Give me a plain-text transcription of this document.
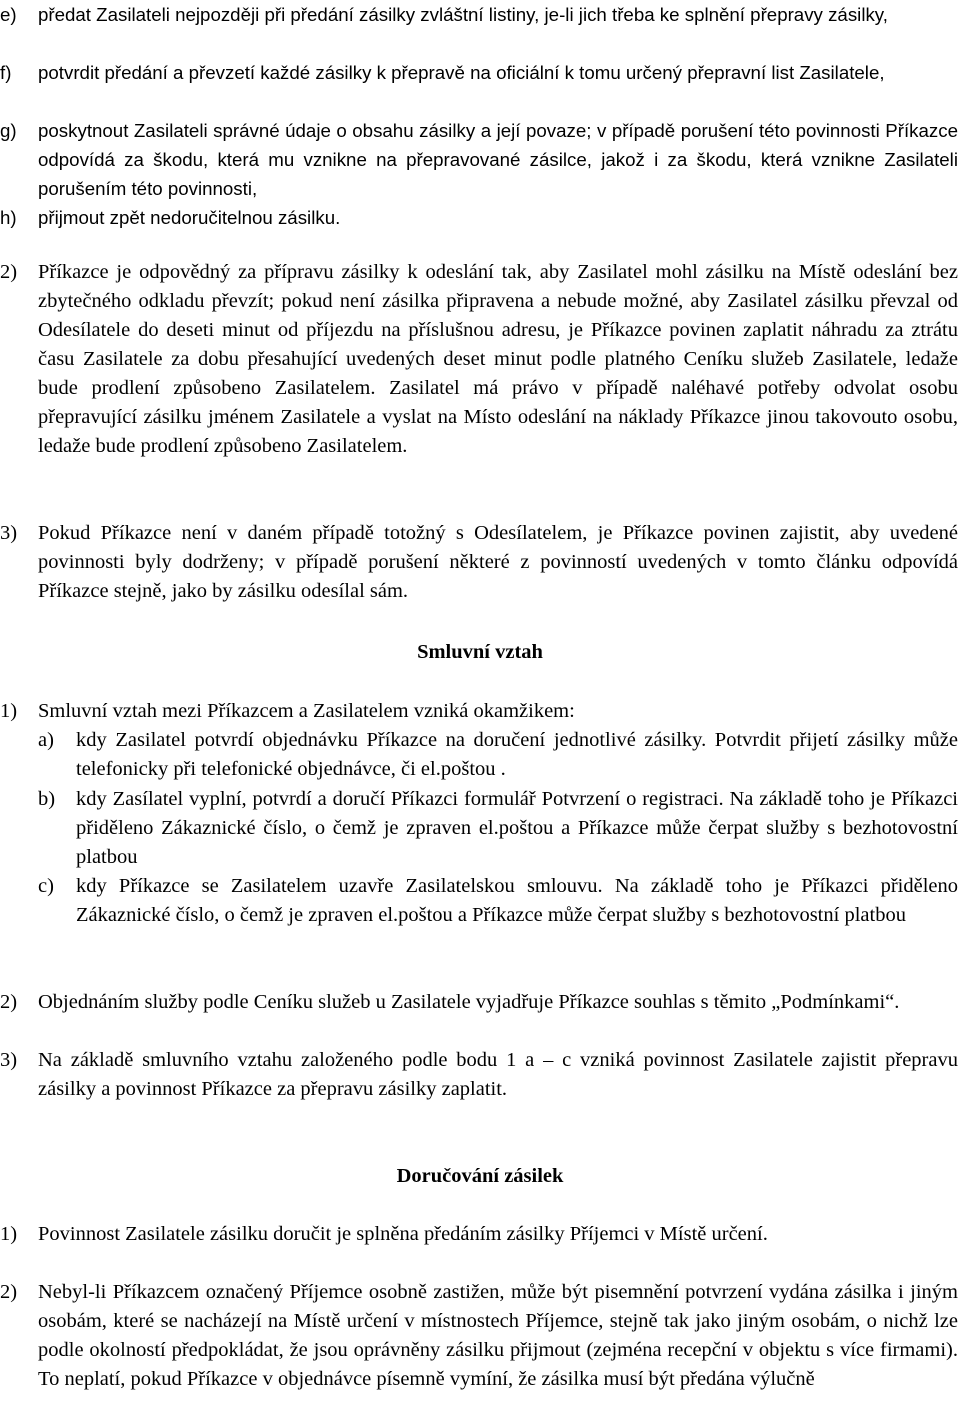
e) předat Zasilateli nejpozději při předání zásilky zvláštní listiny, je-li jich třeba ke splnění přepravy zásilky,
f) potvrdit předání a převzetí každé zásilky k přepravě na oficiální k tomu určený přepravní list Zasilatele,
g) poskytnout Zasilateli správné údaje o obsahu zásilky a její povaze; v případě porušení této povinnosti Příkazce odpovídá za škodu, která mu vznikne na přepravované zásilce, jakož i za škodu, která vznikne Zasilateli porušením této povinnosti,
h) přijmout zpět nedoručitelnou zásilku.
2) Příkazce je odpovědný za přípravu zásilky k odeslání tak, aby Zasilatel mohl zásilku na Místě odeslání bez zbytečného odkladu převzít; pokud není zásilka připravena a nebude možné, aby Zasilatel zásilku převzal od Odesílatele do deseti minut od příjezdu na příslušnou adresu, je Příkazce povinen zaplatit náhradu za ztrátu času Zasilatele za dobu přesahující uvedených deset minut podle platného Ceníku služeb Zasilatele, ledaže bude prodlení způsobeno Zasilatelem. Zasilatel má právo v případě naléhavé potřeby odvolat osobu přepravující zásilku jménem Zasilatele a vyslat na Místo odeslání na náklady Příkazce jinou takovouto osobu, ledaže bude prodlení způsobeno Zasilatelem.
3) Pokud Příkazce není v daném případě totožný s Odesílatelem, je Příkazce povinen zajistit, aby uvedené povinnosti byly dodrženy; v případě porušení některé z povinností uvedených v tomto článku odpovídá Příkazce stejně, jako by zásilku odesílal sám.
Smluvní vztah
1) Smluvní vztah mezi Příkazcem a Zasilatelem vzniká okamžikem:
a) kdy Zasilatel potvrdí objednávku Příkazce na doručení jednotlivé zásilky. Potvrdit přijetí zásilky může telefonicky při telefonické objednávce, či el.poštou .
b) kdy Zasílatel vyplní, potvrdí a doručí Příkazci formulář Potvrzení o registraci. Na základě toho je Příkazci přiděleno Zákaznické číslo, o čemž je zpraven el.poštou a Příkazce může čerpat služby s bezhotovostní platbou
c) kdy Příkazce se Zasilatelem uzavře Zasilatelskou smlouvu. Na základě toho je Příkazci přiděleno Zákaznické číslo, o čemž je zpraven el.poštou a Příkazce může čerpat služby s bezhotovostní platbou
2) Objednáním služby podle Ceníku služeb u Zasilatele vyjadřuje Příkazce souhlas s těmito „Podmínkami“.
3) Na základě smluvního vztahu založeného podle bodu 1 a – c vzniká povinnost Zasilatele zajistit přepravu zásilky a povinnost Příkazce za přepravu zásilky zaplatit.
Doručování zásilek
1) Povinnost Zasilatele zásilku doručit je splněna předáním zásilky Příjemci v Místě určení.
2) Nebyl-li Příkazcem označený Příjemce osobně zastižen, může být pisemnění potvrzení vydána zásilka i jiným osobám, které se nacházejí na Místě určení v místnostech Příjemce, stejně tak jako jiným osobám, o nichž lze podle okolností předpokládat, že jsou oprávněny zásilku přijmout (zejména recepční v objektu s více firmami). To neplatí, pokud Příkazce v objednávce písemně vymíní, že zásilka musí být předána výlučně
